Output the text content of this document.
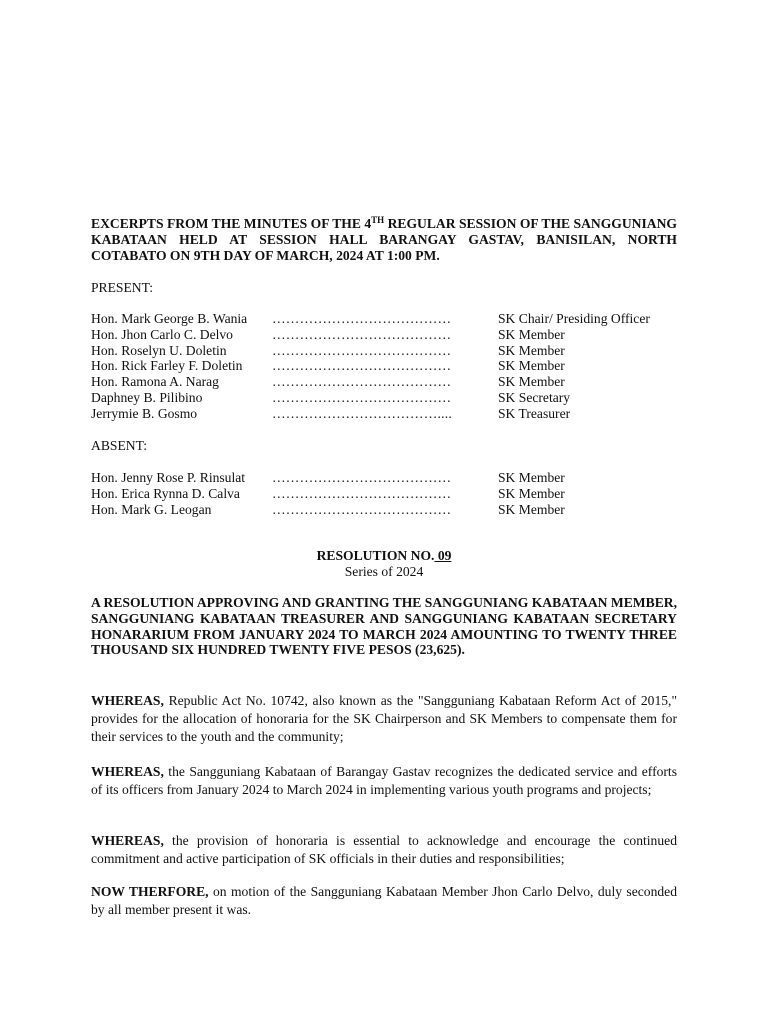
EXCERPTS FROM THE MINUTES OF THE 4TH REGULAR SESSION OF THE SANGGUNIANG KABATAAN HELD AT SESSION HALL BARANGAY GASTAV, BANISILAN, NORTH COTABATO ON 9TH DAY OF MARCH, 2024 AT 1:00 PM.
PRESENT:
Hon. Mark George B. Wania	…………………………………	SK Chair/ Presiding Officer
Hon. Jhon Carlo C. Delvo	…………………………………	SK Member
Hon. Roselyn U. Doletin	…………………………………	SK Member
Hon. Rick Farley F. Doletin	…………………………………	SK Member
Hon. Ramona A. Narag	…………………………………	SK Member
Daphney B. Pilibino	…………………………………	SK Secretary
Jerrymie B. Gosmo	………………………………....	SK Treasurer
ABSENT:
Hon. Jenny Rose P. Rinsulat	…………………………………	SK Member
Hon. Erica Rynna D. Calva	…………………………………	SK Member
Hon. Mark G. Leogan	…………………………………	SK Member
RESOLUTION NO. 09
Series of 2024
A RESOLUTION APPROVING AND GRANTING THE SANGGUNIANG KABATAAN MEMBER, SANGGUNIANG KABATAAN TREASURER AND SANGGUNIANG KABATAAN SECRETARY HONARARIUM FROM JANUARY 2024 TO MARCH 2024 AMOUNTING TO TWENTY THREE THOUSAND SIX HUNDRED TWENTY FIVE PESOS (23,625).
WHEREAS, Republic Act No. 10742, also known as the "Sangguniang Kabataan Reform Act of 2015," provides for the allocation of honoraria for the SK Chairperson and SK Members to compensate them for their services to the youth and the community;
WHEREAS, the Sangguniang Kabataan of Barangay Gastav recognizes the dedicated service and efforts of its officers from January 2024 to March 2024 in implementing various youth programs and projects;
WHEREAS, the provision of honoraria is essential to acknowledge and encourage the continued commitment and active participation of SK officials in their duties and responsibilities;
NOW THERFORE, on motion of the Sangguniang Kabataan Member Jhon Carlo Delvo, duly seconded by all member present it was.
